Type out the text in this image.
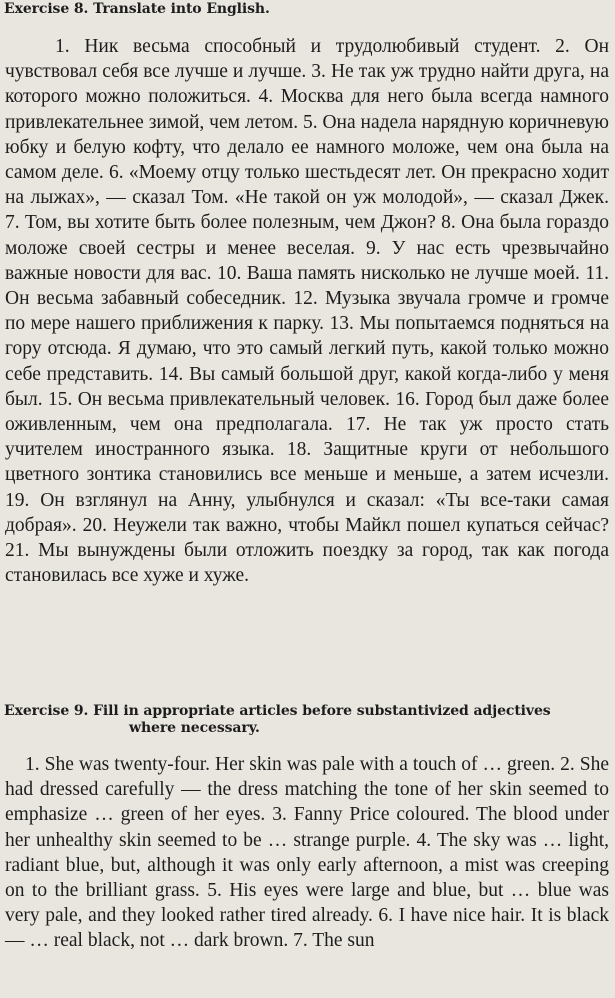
Exercise 8. Translate into English.

1. Ник весьма способный и трудолюбивый студент. 2. Он чувствовал себя все лучше и лучше. 3. Не так уж трудно найти друга, на которого можно положиться. 4. Москва для него была всегда намного привлекательнее зимой, чем летом. 5. Она надела нарядную коричневую юбку и белую кофту, что делало ее намного моложе, чем она была на самом деле. 6. «Моему отцу только шестьдесят лет. Он прекрасно ходит на лыжах», — сказал Том. «Не такой он уж молодой», — сказал Джек. 7. Том, вы хотите быть более полезным, чем Джон? 8. Она была гораздо моложе своей сестры и менее веселая. 9. У нас есть чрезвычайно важные новости для вас. 10. Ваша память нисколько не лучше моей. 11. Он весьма забавный собеседник. 12. Музыка звучала громче и громче по мере нашего приближения к парку. 13. Мы попытаемся подняться на гору отсюда. Я думаю, что это самый легкий путь, какой только можно себе представить. 14. Вы самый большой друг, какой когда-либо у меня был. 15. Он весьма привлекательный человек. 16. Город был даже более оживленным, чем она предполагала. 17. Не так уж просто стать учителем иностранного языка. 18. Защитные круги от небольшого цветного зонтика становились все меньше и меньше, а затем исчезли. 19. Он взглянул на Анну, улыбнулся и сказал: «Ты все-таки самая добрая». 20. Неужели так важно, чтобы Майкл пошел купаться сейчас? 21. Мы вынуждены были отложить поездку за город, так как погода становилась все хуже и хуже.

Exercise 9. Fill in appropriate articles before substantivized adjectives
where necessary.

1. She was twenty-four. Her skin was pale with a touch of … green. 2. She had dressed carefully — the dress matching the tone of her skin seemed to emphasize … green of her eyes. 3. Fanny Price coloured. The blood under her unhealthy skin seemed to be … strange purple. 4. The sky was … light, radiant blue, but, although it was only early afternoon, a mist was creeping on to the brilliant grass. 5. His eyes were large and blue, but … blue was very pale, and they looked rather tired already. 6. I have nice hair. It is black — … real black, not … dark brown. 7. The sun
